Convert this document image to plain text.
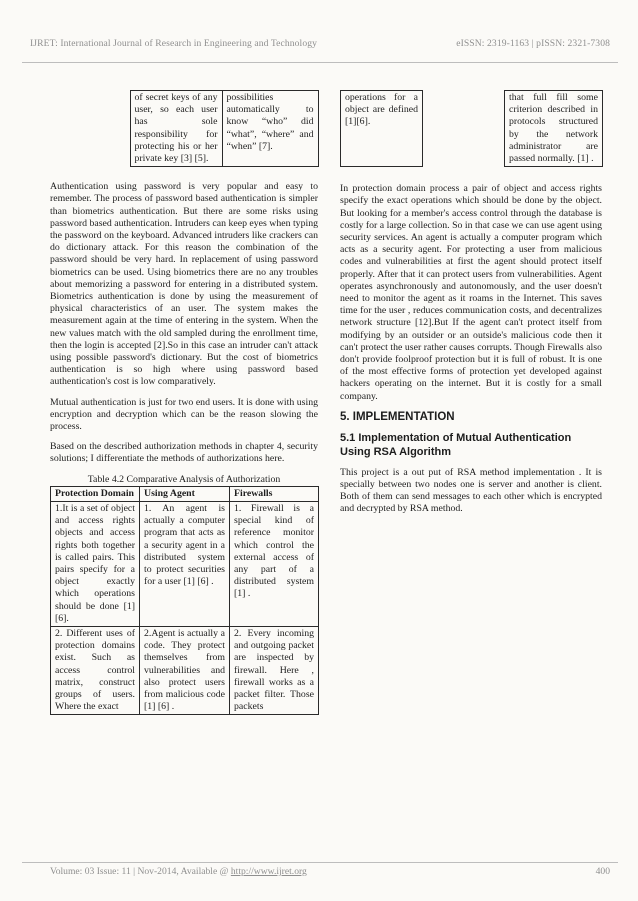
IJRET: International Journal of Research in Engineering and Technology	eISSN: 2319-1163 | pISSN: 2321-7308
	of secret keys of any user, so each user has sole responsibility for protecting his or her private key [3] [5].	possibilities automatically to know “who” did “what”, “where” and “when” [7].

Authentication using password is very popular and easy to remember. The process of password based authentication is simpler than biometrics authentication. But there are some risks using password based authentication. Intruders can keep eyes when typing the password on the keyboard. Advanced intruders like crackers can do dictionary attack. For this reason the combination of the password should be very hard. In replacement of using password biometrics can be used. Using biometrics there are no any troubles about memorizing a password for entering in a distributed system. Biometrics authentication is done by using the measurement of physical characteristics of an user. The system makes the measurement again at the time of entering in the system. When the new values match with the old sampled during the enrollment time, then the login is accepted [2].So in this case an intruder can't attack using possible password's dictionary. But the cost of biometrics authentication is so high where using password based authentication's cost is low comparatively.

Mutual authentication is just for two end users. It is done with using encryption and decryption which can be the reason slowing the process.

Based on the described authorization methods in chapter 4, security solutions; I differentiate the methods of authorizations here.

Table 4.2 Comparative Analysis of Authorization
Protection Domain	Using Agent	Firewalls
1.It is a set of object and access rights objects and access rights both together is called pairs. This pairs specify for a object exactly which operations should be done [1] [6].	1. An agent is actually a computer program that acts as a security agent in a distributed system to protect securities for a user [1] [6] .	1. Firewall is a special kind of reference monitor which control the external access of any part of a distributed system [1] .
2. Different uses of protection domains exist. Such as access control matrix, construct groups of users. Where the exact	2.Agent is actually a code. They protect themselves from vulnerabilities and also protect users from malicious code [1] [6] .	2. Every incoming and outgoing packet are inspected by firewall. Here , firewall works as a packet filter. Those packets
operations for a object are defined [1][6].		that full fill some criterion described in protocols structured by the network administrator are passed normally. [1] .

In protection domain process a pair of object and access rights specify the exact operations which should be done by the object. But looking for a member's access control through the database is costly for a large collection. So in that case we can use agent using security services. An agent is actually a computer program which acts as a security agent. For protecting a user from malicious codes and vulnerabilities at first the agent should protect itself properly. After that it can protect users from vulnerabilities. Agent operates asynchronously and autonomously, and the user doesn't need to monitor the agent as it roams in the Internet. This saves time for the user , reduces communication costs, and decentralizes network structure [12].But If the agent can't protect itself from modifying by an outsider or an outside's malicious code then it can't protect the user rather causes corrupts. Though Firewalls also don't provide foolproof protection but it is full of robust. It is one of the most effective forms of protection yet developed against hackers operating on the internet. But it is costly for a small company.

5. IMPLEMENTATION
5.1 Implementation of Mutual Authentication Using RSA Algorithm

This project is a out put of RSA method implementation . It is specially between two nodes one is server and another is client. Both of them can send messages to each other which is encrypted and decrypted by RSA method.

Volume: 03 Issue: 11 | Nov-2014, Available @ http://www.ijret.org	400
